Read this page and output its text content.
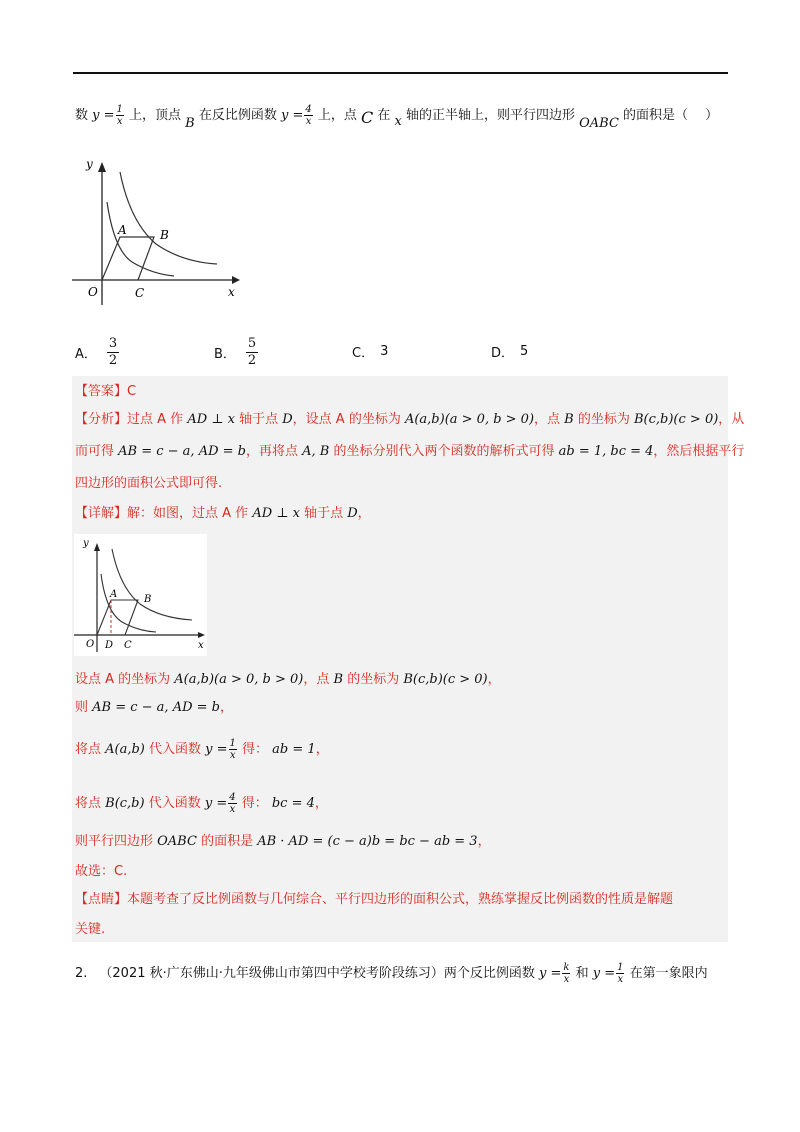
数 $y = \frac{1}{x}$ 上，顶点 B 在反比例函数 $y = \frac{4}{x}$ 上，点 C 在 x 轴的正半轴上，则平行四边形 OABC 的面积是（　 ）
y
x
O
A	B
C
A． $\frac{3}{2}$	B． $\frac{5}{2}$	C． 3	D． 5
【答案】C
【分析】过点 A 作 AD ⊥ x 轴于点 D，设点 A 的坐标为 A(a,b)(a > 0, b > 0)，点 B 的坐标为 B(c,b)(c > 0)，从
而可得 AB = c − a, AD = b，再将点 A, B 的坐标分别代入两个函数的解析式可得 ab = 1, bc = 4，然后根据平行
四边形的面积公式即可得.
【详解】解：如图，过点 A 作 AD ⊥ x 轴于点 D，
y
x
O D C
A	B
设点 A 的坐标为 A(a,b)(a > 0, b > 0)，点 B 的坐标为 B(c,b)(c > 0)，
则 AB = c − a, AD = b，
将点 A(a,b) 代入函数 $y = \frac{1}{x}$ 得： ab = 1，
将点 B(c,b) 代入函数 $y = \frac{4}{x}$ 得： bc = 4，
则平行四边形 OABC 的面积是 AB · AD = (c − a)b = bc − ab = 3，
故选：C.
【点睛】本题考查了反比例函数与几何综合、平行四边形的面积公式，熟练掌握反比例函数的性质是解题
关键.
2. （2021 秋·广东佛山·九年级佛山市第四中学校考阶段练习）两个反比例函数 $y = \frac{k}{x}$ 和 $y = \frac{1}{x}$ 在第一象限内
